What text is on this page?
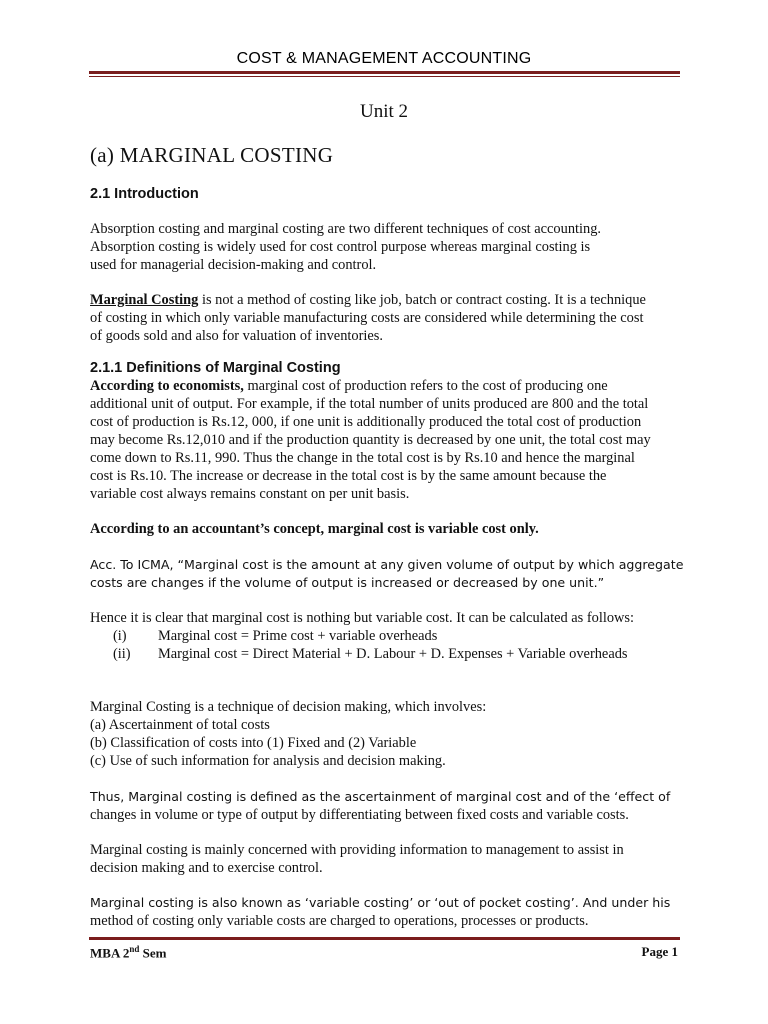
COST & MANAGEMENT ACCOUNTING
Unit 2
(a) MARGINAL COSTING
2.1 Introduction
Absorption costing and marginal costing are two different techniques of cost accounting.
Absorption costing is widely used for cost control purpose whereas marginal costing is
used for managerial decision-making and control.
Marginal Costing is not a method of costing like job, batch or contract costing. It is a technique
of costing in which only variable manufacturing costs are considered while determining the cost
of goods sold and also for valuation of inventories.
2.1.1 Definitions of Marginal Costing
According to economists, marginal cost of production refers to the cost of producing one
additional unit of output. For example, if the total number of units produced are 800 and the total
cost of production is Rs.12, 000, if one unit is additionally produced the total cost of production
may become Rs.12,010 and if the production quantity is decreased by one unit, the total cost may
come down to Rs.11, 990. Thus the change in the total cost is by Rs.10 and hence the marginal
cost is Rs.10. The increase or decrease in the total cost is by the same amount because the
variable cost always remains constant on per unit basis.
According to an accountant’s concept, marginal cost is variable cost only.
Acc. To ICMA, “Marginal cost is the amount at any given volume of output by which aggregate
costs are changes if the volume of output is increased or decreased by one unit.”
Hence it is clear that marginal cost is nothing but variable cost. It can be calculated as follows:
(i) Marginal cost = Prime cost + variable overheads
(ii) Marginal cost = Direct Material + D. Labour + D. Expenses + Variable overheads
Marginal Costing is a technique of decision making, which involves:
(a) Ascertainment of total costs
(b) Classification of costs into (1) Fixed and (2) Variable
(c) Use of such information for analysis and decision making.
Thus, Marginal costing is defined as the ascertainment of marginal cost and of the ‘effect of
changes in volume or type of output by differentiating between fixed costs and variable costs.
Marginal costing is mainly concerned with providing information to management to assist in
decision making and to exercise control.
Marginal costing is also known as ‘variable costing’ or ‘out of pocket costing’. And under his
method of costing only variable costs are charged to operations, processes or products.
MBA 2nd Sem	Page 1
